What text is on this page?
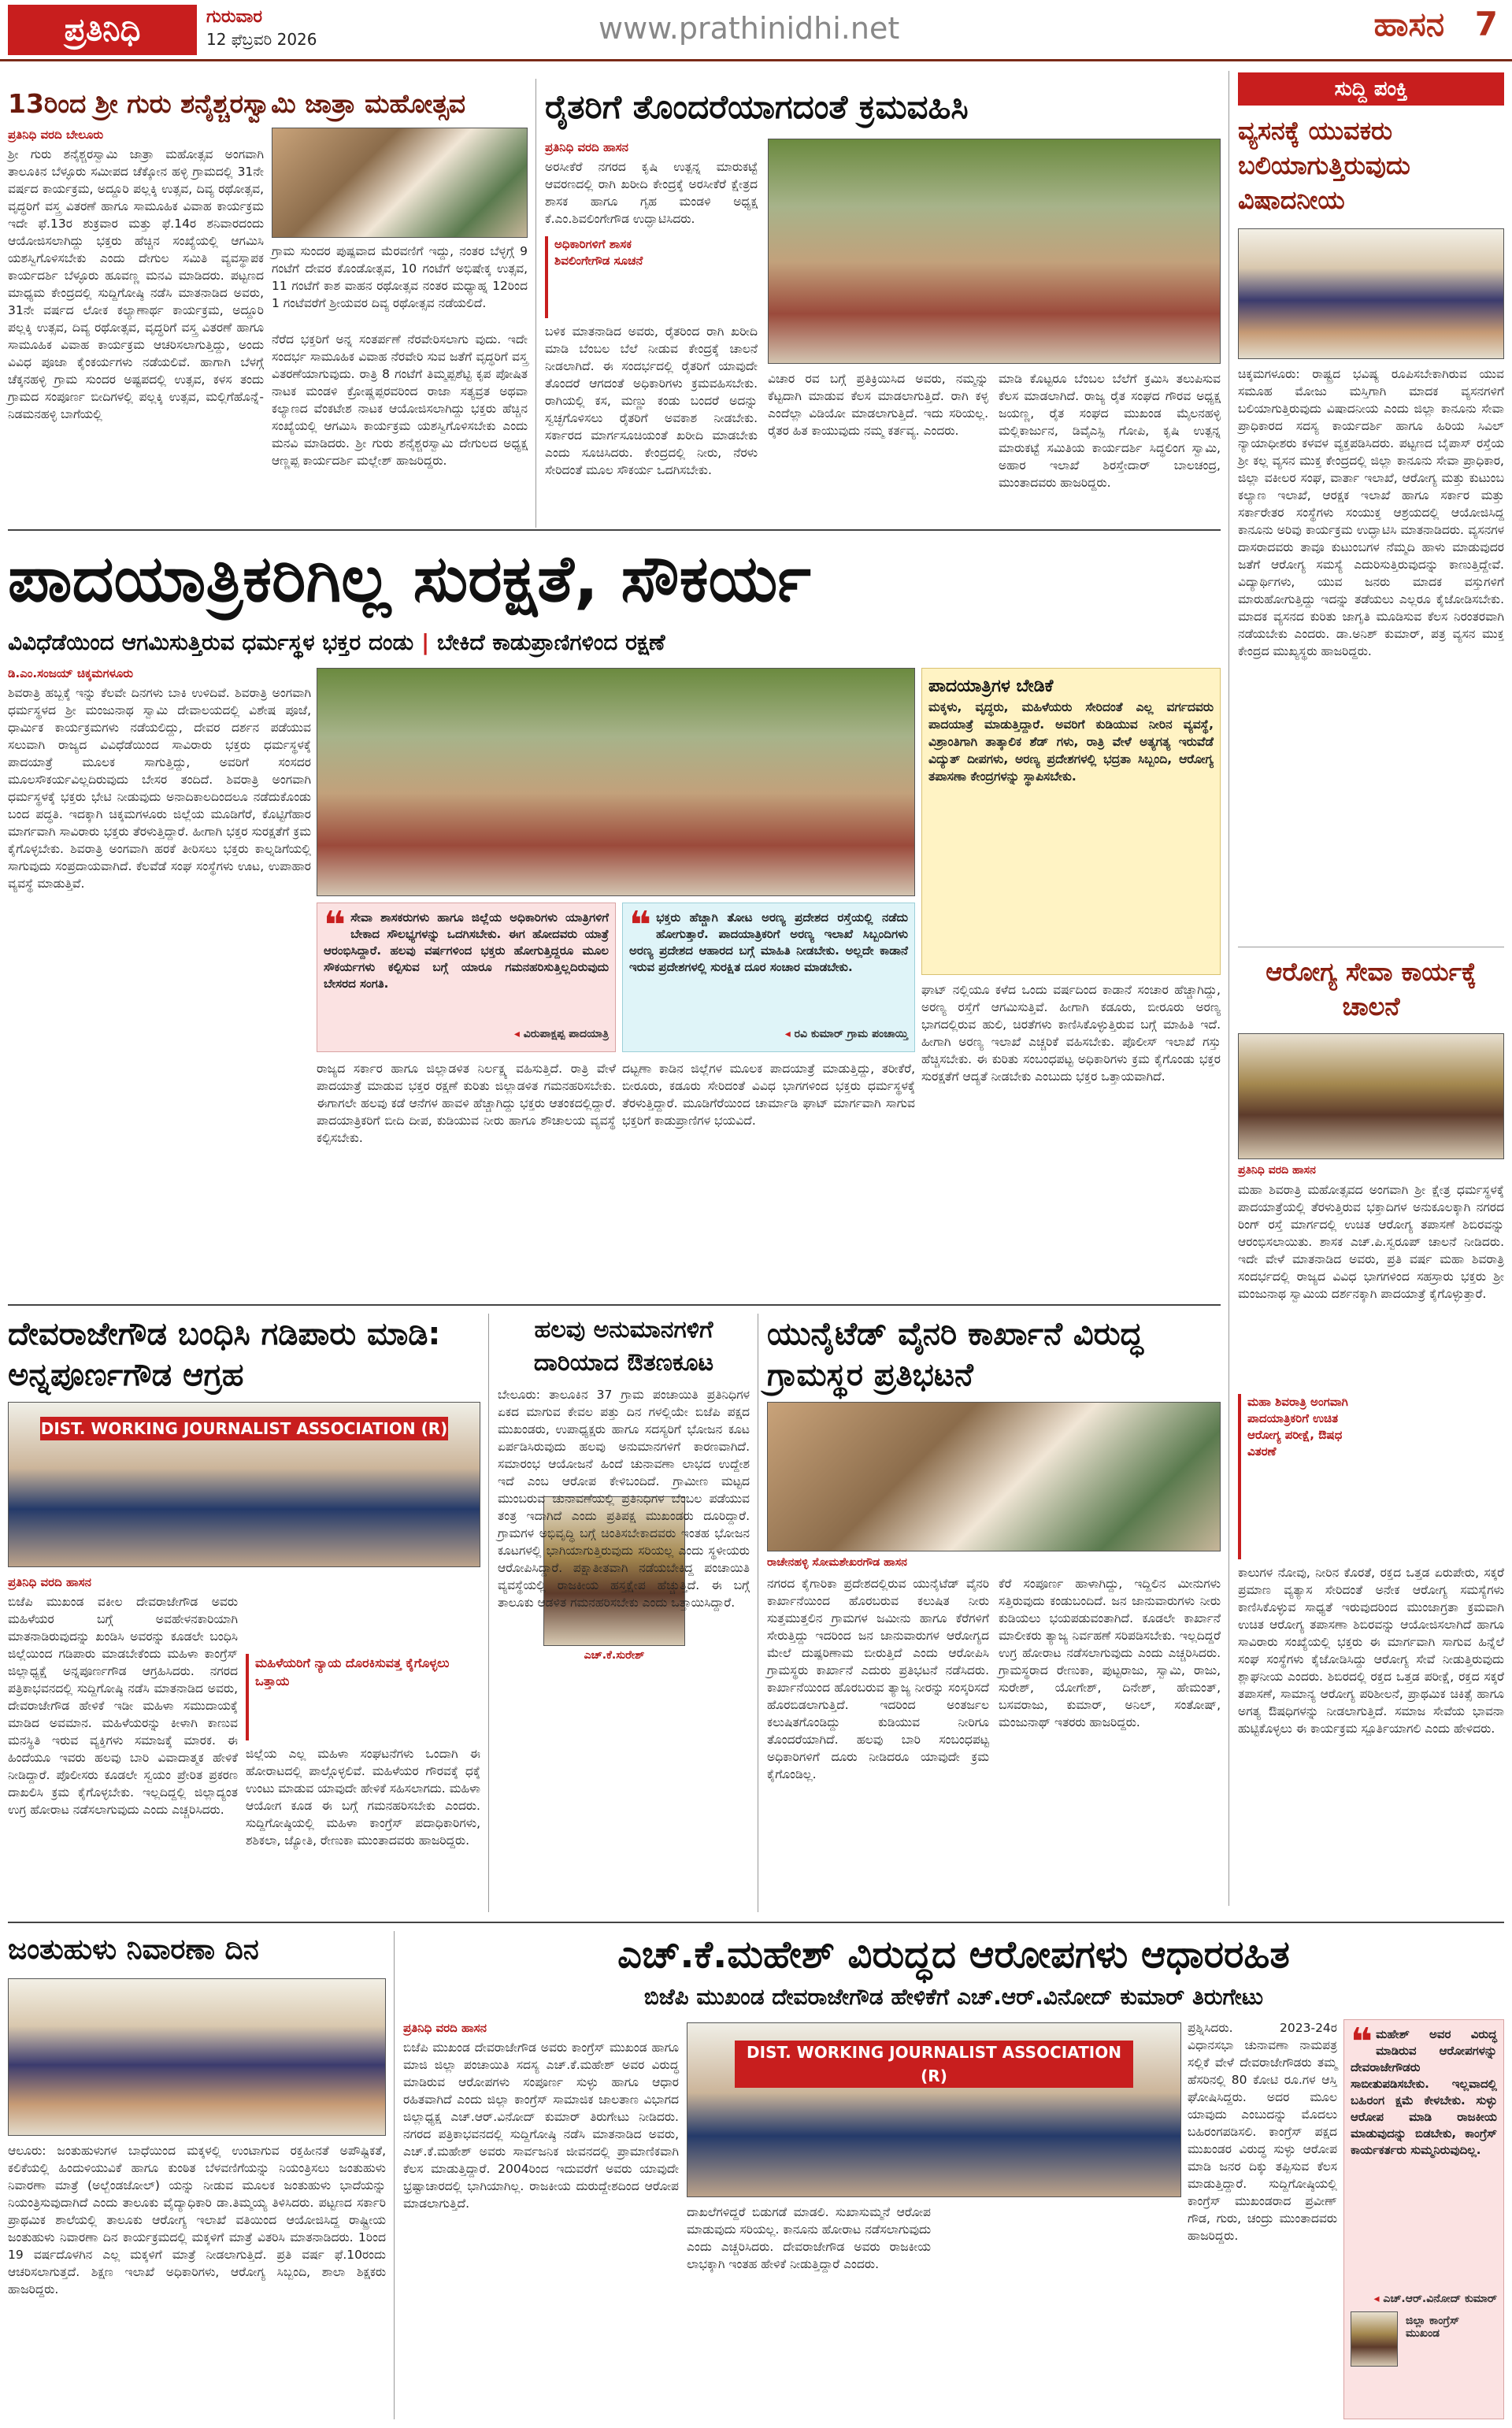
ಪ್ರತಿನಿಧಿ	ಗುರುವಾರ
12 ಫೆಬ್ರವರಿ 2026	www.prathinidhi.net	ಹಾಸನ 7
13ರಿಂದ ಶ್ರೀ ಗುರು ಶನೈಶ್ಚರಸ್ವಾಮಿ ಜಾತ್ರಾ ಮಹೋತ್ಸವ
ಪ್ರತಿನಿಧಿ ವರದಿ ಬೇಲೂರು
ಶ್ರೀ ಗುರು ಶನೈಶ್ಚರಸ್ವಾಮಿ ಜಾತ್ರಾ ಮಹೋತ್ಸವ ಅಂಗವಾಗಿ ತಾಲೂಕಿನ ಬೆಳ್ಳೂರು ಸಮೀಪದ ಚೆಕ್ಕೋನ ಹಳ್ಳಿ ಗ್ರಾಮದಲ್ಲಿ 31ನೇ ವರ್ಷದ ಕಾರ್ಯಕ್ರಮ, ಅದ್ದೂರಿ ಪಲ್ಲಕ್ಕಿ ಉತ್ಸವ, ದಿವ್ಯ ರಥೋತ್ಸವ, ವೃದ್ಧರಿಗೆ ವಸ್ತ್ರ ವಿತರಣೆ ಹಾಗೂ ಸಾಮೂಹಿಕ ವಿವಾಹ ಕಾರ್ಯಕ್ರಮ ಇದೇ ಫೆ.13ರ ಶುಕ್ರವಾರ ಮತ್ತು ಫೆ.14ರ ಶನಿವಾರದಂದು ಆಯೋಜಿಸಲಾಗಿದ್ದು ಭಕ್ತರು ಹೆಚ್ಚಿನ ಸಂಖ್ಯೆಯಲ್ಲಿ ಆಗಮಿಸಿ ಯಶಸ್ವಿಗೊಳಿಸಬೇಕು ಎಂದು ದೇಗುಲ ಸಮಿತಿ ವ್ಯವಸ್ಥಾಪಕ ಕಾರ್ಯದರ್ಶಿ ಬೆಳ್ಳೂರು ಹೂವಣ್ಣ ಮನವಿ ಮಾಡಿದರು. ಪಟ್ಟಣದ ಮಾಧ್ಯಮ ಕೇಂದ್ರದಲ್ಲಿ ಸುದ್ದಿಗೋಷ್ಠಿ ನಡೆಸಿ ಮಾತನಾಡಿದ ಅವರು, 31ನೇ ವರ್ಷದ ಲೋಕ ಕಲ್ಯಾಣಾರ್ಥ ಕಾರ್ಯಕ್ರಮ, ಅದ್ದೂರಿ ಪಲ್ಲಕ್ಕಿ ಉತ್ಸವ, ದಿವ್ಯ ರಥೋತ್ಸವ, ವೃದ್ಧರಿಗೆ ವಸ್ತ್ರ ವಿತರಣೆ ಹಾಗೂ ಸಾಮೂಹಿಕ ವಿವಾಹ ಕಾರ್ಯಕ್ರಮ ಆಚರಿಸಲಾಗುತ್ತಿದ್ದು, ಅಂದು ವಿವಿಧ ಪೂಜಾ ಕೈಂಕರ್ಯಗಳು ನಡೆಯಲಿವೆ. ಹಾಗಾಗಿ ಬೆಳಗ್ಗೆ ಚೆಕ್ಕನಹಳ್ಳಿ ಗ್ರಾಮ ಸುಂದರ ಅಷ್ಟಪದಲ್ಲಿ ಉತ್ಸವ, ಕಳಸ ತಂದು ಗ್ರಾಮದ ಸಂಪೂರ್ಣ ಬೀದಿಗಳಲ್ಲಿ ಪಲ್ಲಕ್ಕಿ ಉತ್ಸವ, ಮಲ್ಲಿಗೆಹೊನ್ನೆ-ನಿಡಮನಹಳ್ಳಿ ಬಾಗೆಯಲ್ಲಿ
ಗ್ರಾಮ ಸುಂದರ ಪುಷ್ಪವಾದ ಮೆರವಣಿಗೆ ಇದ್ದು, ನಂತರ ಬೆಳ್ಳಗ್ಗೆ 9 ಗಂಟೆಗೆ ದೇವರ ಕೊಂಡೋತ್ಸವ, 10 ಗಂಟೆಗೆ ಅಭಿಷೇಕ್ಕ ಉತ್ಸವ, 11 ಗಂಟೆಗೆ ಕಾಶ ವಾಹನ ರಥೋತ್ಸವ ನಂತರ ಮಧ್ಯಾಹ್ನ 12ರಿಂದ 1 ಗಂಟೆವರೆಗೆ ಶ್ರೀಯವರ ದಿವ್ಯ ರಥೋತ್ಸವ ನಡೆಯಲಿದೆ.
ನೆರೆದ ಭಕ್ತರಿಗೆ ಅನ್ನ ಸಂತರ್ಪಣೆ ನೆರವೇರಿಸಲಾಗು ವುದು. ಇದೇ ಸಂದರ್ಭ ಸಾಮೂಹಿಕ ವಿವಾಹ ನೆರವೇರಿ ಸುವ ಜತೆಗೆ ವೃದ್ಧರಿಗೆ ವಸ್ತ್ರ ವಿತರಣೆಯಾಗುವುದು. ರಾತ್ರಿ 8 ಗಂಟೆಗೆ ತಿಮ್ಮಪ್ಪಶೆಟ್ಟಿ ಕೃಪ ಪೋಷಿತ ನಾಟಕ ಮಂಡಳಿ ಕ್ರೋಷ್ಣಪ್ಪರವರಿಂದ ರಾಜಾ ಸತ್ಯವ್ರತ ಅಥವಾ ಕಲ್ಯಾಣದ ವೆಂಕಟೇಶ ನಾಟಕ ಆಯೋಜಿಸಲಾಗಿದ್ದು ಭಕ್ತರು ಹೆಚ್ಚಿನ ಸಂಖ್ಯೆಯಲ್ಲಿ ಆಗಮಿಸಿ ಕಾರ್ಯಕ್ರಮ ಯಶಸ್ವಿಗೊಳಿಸಬೇಕು ಎಂದು ಮನವಿ ಮಾಡಿದರು. ಶ್ರೀ ಗುರು ಶನೈಶ್ಚರಸ್ವಾಮಿ ದೇಗುಲದ ಅಧ್ಯಕ್ಷ ಆಣ್ಣಪ್ಪ ಕಾರ್ಯದರ್ಶಿ ಮಲ್ಲೇಶ್ ಹಾಜರಿದ್ದರು.
ರೈತರಿಗೆ ತೊಂದರೆಯಾಗದಂತೆ ಕ್ರಮವಹಿಸಿ
ಪ್ರತಿನಿಧಿ ವರದಿ ಹಾಸನ
ಅರಸೀಕೆರೆ ನಗರದ ಕೃಷಿ ಉತ್ಪನ್ನ ಮಾರುಕಟ್ಟೆ ಆವರಣದಲ್ಲಿ ರಾಗಿ ಖರೀದಿ ಕೇಂದ್ರಕ್ಕೆ ಅರಸೀಕೆರೆ ಕ್ಷೇತ್ರದ ಶಾಸಕ ಹಾಗೂ ಗೃಹ ಮಂಡಳಿ ಅಧ್ಯಕ್ಷ ಕೆ.ಎಂ.ಶಿವಲಿಂಗೇಗೌಡ ಉದ್ಘಾಟಿಸಿದರು.
ಅಧಿಕಾರಿಗಳಿಗೆ ಶಾಸಕ ಶಿವಲಿಂಗೇಗೌಡ ಸೂಚನೆ
ಬಳಿಕ ಮಾತನಾಡಿದ ಅವರು, ರೈತರಿಂದ ರಾಗಿ ಖರೀದಿ ಮಾಡಿ ಬೆಂಬಲ ಬೆಲೆ ನೀಡುವ ಕೇಂದ್ರಕ್ಕೆ ಚಾಲನೆ ನೀಡಲಾಗಿದೆ. ಈ ಸಂದರ್ಭದಲ್ಲಿ ರೈತರಿಗೆ ಯಾವುದೇ ತೊಂದರೆ ಆಗದಂತೆ ಅಧಿಕಾರಿಗಳು ಕ್ರಮವಹಿಸಬೇಕು. ರಾಗಿಯಲ್ಲಿ ಕಸ, ಮಣ್ಣು ಕಂಡು ಬಂದರೆ ಅದನ್ನು ಸ್ವಚ್ಛಗೊಳಿಸಲು ರೈತರಿಗೆ ಅವಕಾಶ ನೀಡಬೇಕು. ಸರ್ಕಾರದ ಮಾರ್ಗಸೂಚಿಯಂತೆ ಖರೀದಿ ಮಾಡಬೇಕು ಎಂದು ಸೂಚಿಸಿದರು. ಕೇಂದ್ರದಲ್ಲಿ ನೀರು, ನೆರಳು ಸೇರಿದಂತೆ ಮೂಲ ಸೌಕರ್ಯ ಒದಗಿಸಬೇಕು.
ವಿಚಾರ ರವ ಬಗ್ಗೆ ಪ್ರತಿಕ್ರಿಯಿಸಿದ ಅವರು, ನಮ್ಮನ್ನು ಕೆಟ್ಟದಾಗಿ ಮಾಡುವ ಕೆಲಸ ಮಾಡಲಾಗುತ್ತಿದೆ. ರಾಗಿ ಕಳ್ಳ ಎಂದೆಲ್ಲಾ ವಿಡಿಯೋ ಮಾಡಲಾಗುತ್ತಿದೆ. ಇದು ಸರಿಯಲ್ಲ. ರೈತರ ಹಿತ ಕಾಯುವುದು ನಮ್ಮ ಕರ್ತವ್ಯ. ಎಂದರು.
ಮಾಡಿ ಕೊಟ್ಟರೂ ಬೆಂಬಲ ಬೆಲೆಗೆ ಕ್ರಮಿಸಿ ತಲುಪಿಸುವ ಕೆಲಸ ಮಾಡಲಾಗಿದೆ. ರಾಜ್ಯ ರೈತ ಸಂಘದ ಗೌರವ ಅಧ್ಯಕ್ಷ ಜಯಣ್ಣ, ರೈತ ಸಂಘದ ಮುಖಂಡ ಮೈಲನಹಳ್ಳಿ ಮಲ್ಲಿಕಾರ್ಜುನ, ಡಿವೈಎಸ್ಪಿ ಗೋಪಿ, ಕೃಷಿ ಉತ್ಪನ್ನ ಮಾರುಕಟ್ಟೆ ಸಮಿತಿಯ ಕಾರ್ಯದರ್ಶಿ ಸಿದ್ಧಲಿಂಗ ಸ್ವಾಮಿ, ಅಹಾರ ಇಲಾಖೆ ಶಿರಸ್ತೇದಾರ್ ಬಾಲಚಂದ್ರ, ಮುಂತಾದವರು ಹಾಜರಿದ್ದರು.
ಸುದ್ದಿ ಪಂಕ್ತಿ
ವ್ಯಸನಕ್ಕೆ ಯುವಕರು ಬಲಿಯಾಗುತ್ತಿರುವುದು ವಿಷಾದನೀಯ
ಚಿಕ್ಕಮಗಳೂರು: ರಾಷ್ಟ್ರದ ಭವಿಷ್ಯ ರೂಪಿಸಬೇಕಾಗಿರುವ ಯುವ ಸಮೂಹ ಮೋಜು ಮಸ್ತಿಗಾಗಿ ಮಾದಕ ವ್ಯಸನಗಳಿಗೆ ಬಲಿಯಾಗುತ್ತಿರುವುದು ವಿಷಾದನೀಯ ಎಂದು ಜಿಲ್ಲಾ ಕಾನೂನು ಸೇವಾ ಪ್ರಾಧಿಕಾರದ ಸದಸ್ಯ ಕಾರ್ಯದರ್ಶಿ ಹಾಗೂ ಹಿರಿಯ ಸಿವಿಲ್ ನ್ಯಾಯಾಧೀಶರು ಕಳವಳ ವ್ಯಕ್ತಪಡಿಸಿದರು. ಪಟ್ಟಣದ ಬೈಪಾಸ್ ರಸ್ತೆಯ ಶ್ರೀ ಕಲ್ಲ ವ್ಯಸನ ಮುಕ್ತ ಕೇಂದ್ರದಲ್ಲಿ ಜಿಲ್ಲಾ ಕಾನೂನು ಸೇವಾ ಪ್ರಾಧಿಕಾರ, ಜಿಲ್ಲಾ ವಕೀಲರ ಸಂಘ, ವಾರ್ತಾ ಇಲಾಖೆ, ಆರೋಗ್ಯ ಮತ್ತು ಕುಟುಂಬ ಕಲ್ಯಾಣ ಇಲಾಖೆ, ಆರಕ್ಷಕ ಇಲಾಖೆ ಹಾಗೂ ಸರ್ಕಾರ ಮತ್ತು ಸರ್ಕಾರೇತರ ಸಂಸ್ಥೆಗಳು ಸಂಯುಕ್ತ ಆಶ್ರಯದಲ್ಲಿ ಆಯೋಜಿಸಿದ್ದ ಕಾನೂನು ಅರಿವು ಕಾರ್ಯಕ್ರಮ ಉದ್ಘಾಟಿಸಿ ಮಾತನಾಡಿದರು. ವ್ಯಸನಗಳ ದಾಸರಾದವರು ತಾವೂ ಕುಟುಂಬಗಳ ನೆಮ್ಮದಿ ಹಾಳು ಮಾಡುವುದರ ಜತೆಗೆ ಆರೋಗ್ಯ ಸಮಸ್ಯೆ ಎದುರಿಸುತ್ತಿರುವುದನ್ನು ಕಾಣುತ್ತಿದ್ದೇವೆ. ವಿದ್ಯಾರ್ಥಿಗಳು, ಯುವ ಜನರು ಮಾದಕ ವಸ್ತುಗಳಿಗೆ ಮಾರುಹೋಗುತ್ತಿದ್ದು ಇದನ್ನು ತಡೆಯಲು ಎಲ್ಲರೂ ಕೈಜೋಡಿಸಬೇಕು. ಮಾದಕ ವ್ಯಸನದ ಕುರಿತು ಜಾಗೃತಿ ಮೂಡಿಸುವ ಕೆಲಸ ನಿರಂತರವಾಗಿ ನಡೆಯಬೇಕು ಎಂದರು. ಡಾ.ಅನಿಶ್ ಕುಮಾರ್, ಪತ್ರ ವ್ಯಸನ ಮುಕ್ತ ಕೇಂದ್ರದ ಮುಖ್ಯಸ್ಥರು ಹಾಜರಿದ್ದರು.
ಆರೋಗ್ಯ ಸೇವಾ ಕಾರ್ಯಕ್ಕೆ ಚಾಲನೆ
ಪ್ರತಿನಿಧಿ ವರದಿ ಹಾಸನ
ಮಹಾ ಶಿವರಾತ್ರಿ ಮಹೋತ್ಸವದ ಅಂಗವಾಗಿ ಶ್ರೀ ಕ್ಷೇತ್ರ ಧರ್ಮಸ್ಥಳಕ್ಕೆ ಪಾದಯಾತ್ರೆಯಲ್ಲಿ ತೆರಳುತ್ತಿರುವ ಭಕ್ತಾದಿಗಳ ಅನುಕೂಲಕ್ಕಾಗಿ ನಗರದ ರಿಂಗ್ ರಸ್ತೆ ಮಾರ್ಗದಲ್ಲಿ ಉಚಿತ ಆರೋಗ್ಯ ತಪಾಸಣೆ ಶಿಬಿರವನ್ನು ಆರಂಭಿಸಲಾಯಿತು. ಶಾಸಕ ಎಚ್.ಪಿ.ಸ್ವರೂಪ್ ಚಾಲನೆ ನೀಡಿದರು. ಇದೇ ವೇಳೆ ಮಾತನಾಡಿದ ಅವರು, ಪ್ರತಿ ವರ್ಷ ಮಹಾ ಶಿವರಾತ್ರಿ ಸಂದರ್ಭದಲ್ಲಿ ರಾಜ್ಯದ ವಿವಿಧ ಭಾಗಗಳಿಂದ ಸಹಸ್ರಾರು ಭಕ್ತರು ಶ್ರೀ ಮಂಜುನಾಥ ಸ್ವಾಮಿಯ ದರ್ಶನಕ್ಕಾಗಿ ಪಾದಯಾತ್ರೆ ಕೈಗೊಳ್ಳುತ್ತಾರೆ.
ಮಹಾ ಶಿವರಾತ್ರಿ ಅಂಗವಾಗಿ ಪಾದಯಾತ್ರಿಕರಿಗೆ ಉಚಿತ ಆರೋಗ್ಯ ಪರೀಕ್ಷೆ, ಔಷಧ ವಿತರಣೆ
ಕಾಲುಗಳ ನೋವು, ನೀರಿನ ಕೊರತೆ, ರಕ್ತದ ಒತ್ತಡ ಏರುಪೇರು, ಸಕ್ಕರೆ ಪ್ರಮಾಣ ವ್ಯತ್ಯಾಸ ಸೇರಿದಂತೆ ಅನೇಕ ಆರೋಗ್ಯ ಸಮಸ್ಯೆಗಳು ಕಾಣಿಸಿಕೊಳ್ಳುವ ಸಾಧ್ಯತೆ ಇರುವುದರಿಂದ ಮುಂಜಾಗ್ರತಾ ಕ್ರಮವಾಗಿ ಉಚಿತ ಆರೋಗ್ಯ ತಪಾಸಣಾ ಶಿಬಿರವನ್ನು ಆಯೋಜಿಸಲಾಗಿದೆ ಹಾಗೂ ಸಾವಿರಾರು ಸಂಖ್ಯೆಯಲ್ಲಿ ಭಕ್ತರು ಈ ಮಾರ್ಗವಾಗಿ ಸಾಗುವ ಹಿನ್ನೆಲೆ ಸಂಘ ಸಂಸ್ಥೆಗಳು ಕೈಜೋಡಿಸಿದ್ದು ಆರೋಗ್ಯ ಸೇವೆ ನೀಡುತ್ತಿರುವುದು ಶ್ಲಾಘನೀಯ ಎಂದರು. ಶಿಬಿರದಲ್ಲಿ ರಕ್ತದ ಒತ್ತಡ ಪರೀಕ್ಷೆ, ರಕ್ತದ ಸಕ್ಕರೆ ತಪಾಸಣೆ, ಸಾಮಾನ್ಯ ಆರೋಗ್ಯ ಪರಿಶೀಲನೆ, ಪ್ರಾಥಮಿಕ ಚಿಕಿತ್ಸೆ ಹಾಗೂ ಅಗತ್ಯ ಔಷಧಿಗಳನ್ನು ನೀಡಲಾಗುತ್ತಿದೆ. ಸಮಾಜ ಸೇವೆಯ ಭಾವನಾ ಹುಟ್ಟಿಕೊಳ್ಳಲು ಈ ಕಾರ್ಯಕ್ರಮ ಸ್ಪೂರ್ತಿಯಾಗಲಿ ಎಂದು ಹೇಳಿದರು.
ಪಾದಯಾತ್ರಿಕರಿಗಿಲ್ಲ ಸುರಕ್ಷತೆ, ಸೌಕರ್ಯ
ವಿವಿಧೆಡೆಯಿಂದ ಆಗಮಿಸುತ್ತಿರುವ ಧರ್ಮಸ್ಥಳ ಭಕ್ತರ ದಂಡು | ಬೇಕಿದೆ ಕಾಡುಪ್ರಾಣಿಗಳಿಂದ ರಕ್ಷಣೆ
ಡಿ.ಎಂ.ಸಂಜಯ್ ಚಿಕ್ಕಮಗಳೂರು
ಶಿವರಾತ್ರಿ ಹಬ್ಬಕ್ಕೆ ಇನ್ನು ಕೆಲವೇ ದಿನಗಳು ಬಾಕಿ ಉಳಿದಿವೆ. ಶಿವರಾತ್ರಿ ಅಂಗವಾಗಿ ಧರ್ಮಸ್ಥಳದ ಶ್ರೀ ಮಂಜುನಾಥ ಸ್ವಾಮಿ ದೇವಾಲಯದಲ್ಲಿ ವಿಶೇಷ ಪೂಜೆ, ಧಾರ್ಮಿಕ ಕಾರ್ಯಕ್ರಮಗಳು ನಡೆಯಲಿದ್ದು, ದೇವರ ದರ್ಶನ ಪಡೆಯುವ ಸಲುವಾಗಿ ರಾಜ್ಯದ ವಿವಿಧೆಡೆಯಿಂದ ಸಾವಿರಾರು ಭಕ್ತರು ಧರ್ಮಸ್ಥಳಕ್ಕೆ ಪಾದಯಾತ್ರೆ ಮೂಲಕ ಸಾಗುತ್ತಿದ್ದು, ಅವರಿಗೆ ಸಂಸದರ ಮೂಲಸೌಕರ್ಯವಿಲ್ಲದಿರುವುದು ಬೇಸರ ತಂದಿದೆ. ಶಿವರಾತ್ರಿ ಅಂಗವಾಗಿ ಧರ್ಮಸ್ಥಳಕ್ಕೆ ಭಕ್ತರು ಭೇಟಿ ನೀಡುವುದು ಅನಾದಿಕಾಲದಿಂದಲೂ ನಡೆದುಕೊಂಡು ಬಂದ ಪದ್ಧತಿ. ಇದಕ್ಕಾಗಿ ಚಿಕ್ಕಮಗಳೂರು ಜಿಲ್ಲೆಯ ಮೂಡಿಗೆರೆ, ಕೊಟ್ಟಿಗೆಹಾರ ಮಾರ್ಗವಾಗಿ ಸಾವಿರಾರು ಭಕ್ತರು ತೆರಳುತ್ತಿದ್ದಾರೆ. ಹೀಗಾಗಿ ಭಕ್ತರ ಸುರಕ್ಷತೆಗೆ ಕ್ರಮ ಕೈಗೊಳ್ಳಬೇಕು. ಶಿವರಾತ್ರಿ ಅಂಗವಾಗಿ ಹರಕೆ ತೀರಿಸಲು ಭಕ್ತರು ಕಾಲ್ನಡಿಗೆಯಲ್ಲಿ ಸಾಗುವುದು ಸಂಪ್ರದಾಯವಾಗಿದೆ. ಕೆಲವೆಡೆ ಸಂಘ ಸಂಸ್ಥೆಗಳು ಊಟ, ಉಪಾಹಾರ ವ್ಯವಸ್ಥೆ ಮಾಡುತ್ತಿವೆ.
ಪಾದಯಾತ್ರಿಗಳ ಬೇಡಿಕೆ
ಮಕ್ಕಳು, ವೃದ್ಧರು, ಮಹಿಳೆಯರು ಸೇರಿದಂತೆ ಎಲ್ಲ ವರ್ಗದವರು ಪಾದಯಾತ್ರೆ ಮಾಡುತ್ತಿದ್ದಾರೆ. ಅವರಿಗೆ ಕುಡಿಯುವ ನೀರಿನ ವ್ಯವಸ್ಥೆ, ವಿಶ್ರಾಂತಿಗಾಗಿ ತಾತ್ಕಾಲಿಕ ಶೆಡ್ ಗಳು, ರಾತ್ರಿ ವೇಳೆ ಅತ್ಯಗತ್ಯ ಇರುವೆಡೆ ವಿದ್ಯುತ್ ದೀಪಗಳು, ಅರಣ್ಯ ಪ್ರದೇಶಗಳಲ್ಲಿ ಭದ್ರತಾ ಸಿಬ್ಬಂದಿ, ಆರೋಗ್ಯ ತಪಾಸಣಾ ಕೇಂದ್ರಗಳನ್ನು ಸ್ಥಾಪಿಸಬೇಕು.
❝ ಸೇವಾ ಶಾಸಕರುಗಳು ಹಾಗೂ ಜಿಲ್ಲೆಯ ಅಧಿಕಾರಿಗಳು ಯಾತ್ರಿಗಳಿಗೆ ಬೇಕಾದ ಸೌಲಭ್ಯಗಳನ್ನು ಒದಗಿಸಬೇಕು. ಈಗ ಹೋದವರು ಯಾತ್ರೆ ಆರಂಭಿಸಿದ್ದಾರೆ. ಹಲವು ವರ್ಷಗಳಿಂದ ಭಕ್ತರು ಹೋಗುತ್ತಿದ್ದರೂ ಮೂಲ ಸೌಕರ್ಯಗಳು ಕಲ್ಪಿಸುವ ಬಗ್ಗೆ ಯಾರೂ ಗಮನಹರಿಸುತ್ತಿಲ್ಲದಿರುವುದು ಬೇಸರದ ಸಂಗತಿ.
◂ ವಿರುಪಾಕ್ಷಪ್ಪ ಪಾದಯಾತ್ರಿ
❝ ಭಕ್ತರು ಹೆಚ್ಚಾಗಿ ತೋಟ ಅರಣ್ಯ ಪ್ರದೇಶದ ರಸ್ತೆಯಲ್ಲಿ ನಡೆದು ಹೋಗುತ್ತಾರೆ. ಪಾದಯಾತ್ರಿಕರಿಗೆ ಅರಣ್ಯ ಇಲಾಖೆ ಸಿಬ್ಬಂದಿಗಳು ಅರಣ್ಯ ಪ್ರದೇಶದ ಆಹಾರದ ಬಗ್ಗೆ ಮಾಹಿತಿ ನೀಡಬೇಕು. ಅಲ್ಲದೇ ಕಾಡಾನೆ ಇರುವ ಪ್ರದೇಶಗಳಲ್ಲಿ ಸುರಕ್ಷಿತ ದೂರ ಸಂಚಾರ ಮಾಡಬೇಕು.
◂ ರವಿ ಕುಮಾರ್ ಗ್ರಾಮ ಪಂಚಾಯ್ತಿ
ರಾಜ್ಯದ ಸರ್ಕಾರ ಹಾಗೂ ಜಿಲ್ಲಾಡಳಿತ ನಿರ್ಲಕ್ಷ್ಯ ವಹಿಸುತ್ತಿದೆ. ರಾತ್ರಿ ವೇಳೆ ಪಾದಯಾತ್ರೆ ಮಾಡುವ ಭಕ್ತರ ರಕ್ಷಣೆ ಕುರಿತು ಜಿಲ್ಲಾಡಳಿತ ಗಮನಹರಿಸಬೇಕು. ಈಗಾಗಲೇ ಹಲವು ಕಡೆ ಆನೆಗಳ ಹಾವಳಿ ಹೆಚ್ಚಾಗಿದ್ದು ಭಕ್ತರು ಆತಂಕದಲ್ಲಿದ್ದಾರೆ. ಪಾದಯಾತ್ರಿಕರಿಗೆ ಬೀದಿ ದೀಪ, ಕುಡಿಯುವ ನೀರು ಹಾಗೂ ಶೌಚಾಲಯ ವ್ಯವಸ್ಥೆ ಕಲ್ಪಿಸಬೇಕು.
ದಟ್ಟಣಾ ಕಾಡಿನ ಜಿಲ್ಲೆಗಳ ಮೂಲಕ ಪಾದಯಾತ್ರೆ ಮಾಡುತ್ತಿದ್ದು, ತರೀಕೆರೆ, ಬೀರೂರು, ಕಡೂರು ಸೇರಿದಂತೆ ವಿವಿಧ ಭಾಗಗಳಿಂದ ಭಕ್ತರು ಧರ್ಮಸ್ಥಳಕ್ಕೆ ತೆರಳುತ್ತಿದ್ದಾರೆ. ಮೂಡಿಗೆರೆಯಿಂದ ಚಾರ್ಮಾಡಿ ಘಾಟ್ ಮಾರ್ಗವಾಗಿ ಸಾಗುವ ಭಕ್ತರಿಗೆ ಕಾಡುಪ್ರಾಣಿಗಳ ಭಯವಿದೆ.
ಘಾಟ್ ನಲ್ಲಿಯೂ ಕಳೆದ ಒಂದು ವರ್ಷದಿಂದ ಕಾಡಾನೆ ಸಂಚಾರ ಹೆಚ್ಚಾಗಿದ್ದು, ಅರಣ್ಯ ರಸ್ತೆಗೆ ಆಗಮಿಸುತ್ತಿವೆ. ಹೀಗಾಗಿ ಕಡೂರು, ಬೀರೂರು ಅರಣ್ಯ ಭಾಗದಲ್ಲಿರುವ ಹುಲಿ, ಚಿರತೆಗಳು ಕಾಣಿಸಿಕೊಳ್ಳುತ್ತಿರುವ ಬಗ್ಗೆ ಮಾಹಿತಿ ಇದೆ. ಹೀಗಾಗಿ ಅರಣ್ಯ ಇಲಾಖೆ ಎಚ್ಚರಿಕೆ ವಹಿಸಬೇಕು. ಪೊಲೀಸ್ ಇಲಾಖೆ ಗಸ್ತು ಹೆಚ್ಚಿಸಬೇಕು. ಈ ಕುರಿತು ಸಂಬಂಧಪಟ್ಟ ಅಧಿಕಾರಿಗಳು ಕ್ರಮ ಕೈಗೊಂಡು ಭಕ್ತರ ಸುರಕ್ಷತೆಗೆ ಆದ್ಯತೆ ನೀಡಬೇಕು ಎಂಬುದು ಭಕ್ತರ ಒತ್ತಾಯವಾಗಿದೆ.
ದೇವರಾಜೇಗೌಡ ಬಂಧಿಸಿ ಗಡಿಪಾರು ಮಾಡಿ: ಅನ್ನಪೂರ್ಣಗೌಡ ಆಗ್ರಹ
DIST. WORKING JOURNALIST ASSOCIATION (R)
ಪ್ರತಿನಿಧಿ ವರದಿ ಹಾಸನ
ಬಿಜೆಪಿ ಮುಖಂಡ ವಕೀಲ ದೇವರಾಜೇಗೌಡ ಅವರು ಮಹಿಳೆಯರ ಬಗ್ಗೆ ಅವಹೇಳನಕಾರಿಯಾಗಿ ಮಾತನಾಡಿರುವುದನ್ನು ಖಂಡಿಸಿ ಅವರನ್ನು ಕೂಡಲೇ ಬಂಧಿಸಿ ಜಿಲ್ಲೆಯಿಂದ ಗಡಿಪಾರು ಮಾಡಬೇಕೆಂದು ಮಹಿಳಾ ಕಾಂಗ್ರೆಸ್ ಜಿಲ್ಲಾಧ್ಯಕ್ಷೆ ಅನ್ನಪೂರ್ಣಗೌಡ ಆಗ್ರಹಿಸಿದರು. ನಗರದ ಪತ್ರಿಕಾಭವನದಲ್ಲಿ ಸುದ್ದಿಗೋಷ್ಠಿ ನಡೆಸಿ ಮಾತನಾಡಿದ ಅವರು, ದೇವರಾಜೇಗೌಡ ಹೇಳಿಕೆ ಇಡೀ ಮಹಿಳಾ ಸಮುದಾಯಕ್ಕೆ ಮಾಡಿದ ಅವಮಾನ. ಮಹಿಳೆಯರನ್ನು ಕೀಳಾಗಿ ಕಾಣುವ ಮನಸ್ಥಿತಿ ಇರುವ ವ್ಯಕ್ತಿಗಳು ಸಮಾಜಕ್ಕೆ ಮಾರಕ. ಈ ಹಿಂದೆಯೂ ಇವರು ಹಲವು ಬಾರಿ ವಿವಾದಾತ್ಮಕ ಹೇಳಿಕೆ ನೀಡಿದ್ದಾರೆ. ಪೊಲೀಸರು ಕೂಡಲೇ ಸ್ವಯಂ ಪ್ರೇರಿತ ಪ್ರಕರಣ ದಾಖಲಿಸಿ ಕ್ರಮ ಕೈಗೊಳ್ಳಬೇಕು. ಇಲ್ಲದಿದ್ದಲ್ಲಿ ಜಿಲ್ಲಾದ್ಯಂತ ಉಗ್ರ ಹೋರಾಟ ನಡೆಸಲಾಗುವುದು ಎಂದು ಎಚ್ಚರಿಸಿದರು.
ಮಹಿಳೆಯರಿಗೆ ನ್ಯಾಯ ದೊರಕಿಸುವತ್ತ ಕೈಗೊಳ್ಳಲು ಒತ್ತಾಯ
ಜಿಲ್ಲೆಯ ಎಲ್ಲ ಮಹಿಳಾ ಸಂಘಟನೆಗಳು ಒಂದಾಗಿ ಈ ಹೋರಾಟದಲ್ಲಿ ಪಾಲ್ಗೊಳ್ಳಲಿವೆ. ಮಹಿಳೆಯರ ಗೌರವಕ್ಕೆ ಧಕ್ಕೆ ಉಂಟು ಮಾಡುವ ಯಾವುದೇ ಹೇಳಿಕೆ ಸಹಿಸಲಾಗದು. ಮಹಿಳಾ ಆಯೋಗ ಕೂಡ ಈ ಬಗ್ಗೆ ಗಮನಹರಿಸಬೇಕು ಎಂದರು. ಸುದ್ದಿಗೋಷ್ಠಿಯಲ್ಲಿ ಮಹಿಳಾ ಕಾಂಗ್ರೆಸ್ ಪದಾಧಿಕಾರಿಗಳು, ಶಶಿಕಲಾ, ಜ್ಯೋತಿ, ರೇಣುಕಾ ಮುಂತಾದವರು ಹಾಜರಿದ್ದರು.
ಹಲವು ಅನುಮಾನಗಳಿಗೆ ದಾರಿಯಾದ ಔತಣಕೂಟ
ಎಚ್.ಕೆ.ಸುರೇಶ್
ಬೇಲೂರು: ತಾಲೂಕಿನ 37 ಗ್ರಾಮ ಪಂಚಾಯಿತಿ ಪ್ರತಿನಿಧಿಗಳ ಏಕದ ಮಾಗುವ ಕೇವಲ ಪತ್ತು ದಿನ ಗಳಲ್ಲಿಯೇ ಬಿಜೆಪಿ ಪಕ್ಷದ ಮುಖಂಡರು, ಉಪಾಧ್ಯಕ್ಷರು ಹಾಗೂ ಸದಸ್ಯರಿಗೆ ಭೋಜನ ಕೂಟ ಏರ್ಪಡಿಸಿರುವುದು ಹಲವು ಅನುಮಾನಗಳಿಗೆ ಕಾರಣವಾಗಿದೆ. ಸಮಾರಂಭ ಆಯೋಜನೆ ಹಿಂದೆ ಚುನಾವಣಾ ಲಾಭದ ಉದ್ದೇಶ ಇದೆ ಎಂಬ ಆರೋಪ ಕೇಳಿಬಂದಿದೆ. ಗ್ರಾಮೀಣ ಮಟ್ಟದ ಮುಂಬರುವ ಚುನಾವಣೆಯಲ್ಲಿ ಪ್ರತಿನಿಧಿಗಳ ಬೆಂಬಲ ಪಡೆಯುವ ತಂತ್ರ ಇದಾಗಿದೆ ಎಂದು ಪ್ರತಿಪಕ್ಷ ಮುಖಂಡರು ದೂರಿದ್ದಾರೆ. ಗ್ರಾಮಗಳ ಅಭಿವೃದ್ಧಿ ಬಗ್ಗೆ ಚಿಂತಿಸಬೇಕಾದವರು ಇಂತಹ ಭೋಜನ ಕೂಟಗಳಲ್ಲಿ ಭಾಗಿಯಾಗುತ್ತಿರುವುದು ಸರಿಯಲ್ಲ ಎಂದು ಸ್ಥಳೀಯರು ಆರೋಪಿಸಿದ್ದಾರೆ. ಪಕ್ಷಾತೀತವಾಗಿ ನಡೆಯಬೇಕಿದ್ದ ಪಂಚಾಯಿತಿ ವ್ಯವಸ್ಥೆಯಲ್ಲಿ ರಾಜಕೀಯ ಹಸ್ತಕ್ಷೇಪ ಹೆಚ್ಚುತ್ತಿದೆ. ಈ ಬಗ್ಗೆ ತಾಲೂಕು ಆಡಳಿತ ಗಮನಹರಿಸಬೇಕು ಎಂದು ಒತ್ತಾಯಿಸಿದ್ದಾರೆ.
ಯುನೈಟೆಡ್ ವೈನರಿ ಕಾರ್ಖಾನೆ ವಿರುದ್ಧ ಗ್ರಾಮಸ್ಥರ ಪ್ರತಿಭಟನೆ
ರಾಚೇನಹಳ್ಳಿ ಸೋಮಶೇಖರಗೌಡ ಹಾಸನ
ನಗರದ ಕೈಗಾರಿಕಾ ಪ್ರದೇಶದಲ್ಲಿರುವ ಯುನೈಟೆಡ್ ವೈನರಿ ಕಾರ್ಖಾನೆಯಿಂದ ಹೊರಬರುವ ಕಲುಷಿತ ನೀರು ಸುತ್ತಮುತ್ತಲಿನ ಗ್ರಾಮಗಳ ಜಮೀನು ಹಾಗೂ ಕೆರೆಗಳಿಗೆ ಸೇರುತ್ತಿದ್ದು ಇದರಿಂದ ಜನ ಜಾನುವಾರುಗಳ ಆರೋಗ್ಯದ ಮೇಲೆ ದುಷ್ಪರಿಣಾಮ ಬೀರುತ್ತಿದೆ ಎಂದು ಆರೋಪಿಸಿ ಗ್ರಾಮಸ್ಥರು ಕಾರ್ಖಾನೆ ಎದುರು ಪ್ರತಿಭಟನೆ ನಡೆಸಿದರು. ಕಾರ್ಖಾನೆಯಿಂದ ಹೊರಬರುವ ತ್ಯಾಜ್ಯ ನೀರನ್ನು ಸಂಸ್ಕರಿಸದೆ ಹೊರಬಿಡಲಾಗುತ್ತಿದೆ. ಇದರಿಂದ ಅಂತರ್ಜಲ ಕಲುಷಿತಗೊಂಡಿದ್ದು ಕುಡಿಯುವ ನೀರಿಗೂ ತೊಂದರೆಯಾಗಿದೆ. ಹಲವು ಬಾರಿ ಸಂಬಂಧಪಟ್ಟ ಅಧಿಕಾರಿಗಳಿಗೆ ದೂರು ನೀಡಿದರೂ ಯಾವುದೇ ಕ್ರಮ ಕೈಗೊಂಡಿಲ್ಲ.
ಕೆರೆ ಸಂಪೂರ್ಣ ಹಾಳಾಗಿದ್ದು, ಇದ್ದಿಲಿನ ಮೀನುಗಳು ಸತ್ತಿರುವುದು ಕಂಡುಬಂದಿದೆ. ಜನ ಜಾನುವಾರುಗಳು ನೀರು ಕುಡಿಯಲು ಭಯಪಡುವಂತಾಗಿದೆ. ಕೂಡಲೇ ಕಾರ್ಖಾನೆ ಮಾಲೀಕರು ತ್ಯಾಜ್ಯ ನಿರ್ವಹಣೆ ಸರಿಪಡಿಸಬೇಕು. ಇಲ್ಲದಿದ್ದರೆ ಉಗ್ರ ಹೋರಾಟ ನಡೆಸಲಾಗುವುದು ಎಂದು ಎಚ್ಚರಿಸಿದರು. ಗ್ರಾಮಸ್ಥರಾದ ರೇಣುಕಾ, ಪುಟ್ಟರಾಜು, ಸ್ವಾಮಿ, ರಾಜು, ಸುರೇಶ್, ಯೋಗೇಶ್, ದಿನೇಶ್, ಹೇಮಂತ್, ಬಸವರಾಜು, ಕುಮಾರ್, ಅನಿಲ್, ಸಂತೋಷ್, ಮಂಜುನಾಥ್ ಇತರರು ಹಾಜರಿದ್ದರು.
ಜಂತುಹುಳು ನಿವಾರಣಾ ದಿನ
ಆಲೂರು: ಜಂತುಹುಳುಗಳ ಬಾಧೆಯಿಂದ ಮಕ್ಕಳಲ್ಲಿ ಉಂಟಾಗುವ ರಕ್ತಹೀನತೆ ಅಪೌಷ್ಟಿಕತೆ, ಕಲಿಕೆಯಲ್ಲಿ ಹಿಂದುಳಿಯುವಿಕೆ ಹಾಗೂ ಕುಂಠಿತ ಬೆಳವಣಿಗೆಯನ್ನು ನಿಯಂತ್ರಿಸಲು ಜಂತುಹುಳು ನಿವಾರಣಾ ಮಾತ್ರೆ (ಅಲ್ಬೆಂಡಜೋಲ್) ಯನ್ನು ನೀಡುವ ಮೂಲಕ ಜಂತುಹುಳು ಭಾದೆಯನ್ನು ನಿಯಂತ್ರಿಸುವುದಾಗಿದೆ ಎಂದು ತಾಲೂಕು ವೈದ್ಯಾಧಿಕಾರಿ ಡಾ.ತಿಮ್ಮಯ್ಯ ತಿಳಿಸಿದರು. ಪಟ್ಟಣದ ಸರ್ಕಾರಿ ಪ್ರಾಥಮಿಕ ಶಾಲೆಯಲ್ಲಿ ತಾಲೂಕು ಆರೋಗ್ಯ ಇಲಾಖೆ ವತಿಯಿಂದ ಆಯೋಜಿಸಿದ್ದ ರಾಷ್ಟ್ರೀಯ ಜಂತುಹುಳು ನಿವಾರಣಾ ದಿನ ಕಾರ್ಯಕ್ರಮದಲ್ಲಿ ಮಕ್ಕಳಿಗೆ ಮಾತ್ರೆ ವಿತರಿಸಿ ಮಾತನಾಡಿದರು. 1ರಿಂದ 19 ವರ್ಷದೊಳಗಿನ ಎಲ್ಲ ಮಕ್ಕಳಿಗೆ ಮಾತ್ರೆ ನೀಡಲಾಗುತ್ತಿದೆ. ಪ್ರತಿ ವರ್ಷ ಫೆ.10ರಂದು ಆಚರಿಸಲಾಗುತ್ತದೆ. ಶಿಕ್ಷಣ ಇಲಾಖೆ ಅಧಿಕಾರಿಗಳು, ಆರೋಗ್ಯ ಸಿಬ್ಬಂದಿ, ಶಾಲಾ ಶಿಕ್ಷಕರು ಹಾಜರಿದ್ದರು.
ಎಚ್.ಕೆ.ಮಹೇಶ್ ವಿರುದ್ಧದ ಆರೋಪಗಳು ಆಧಾರರಹಿತ
ಬಿಜೆಪಿ ಮುಖಂಡ ದೇವರಾಜೇಗೌಡ ಹೇಳಿಕೆಗೆ ಎಚ್.ಆರ್.ವಿನೋದ್ ಕುಮಾರ್ ತಿರುಗೇಟು
ಪ್ರತಿನಿಧಿ ವರದಿ ಹಾಸನ
ಬಿಜೆಪಿ ಮುಖಂಡ ದೇವರಾಜೇಗೌಡ ಅವರು ಕಾಂಗ್ರೆಸ್ ಮುಖಂಡ ಹಾಗೂ ಮಾಜಿ ಜಿಲ್ಲಾ ಪಂಚಾಯಿತಿ ಸದಸ್ಯ ಎಚ್.ಕೆ.ಮಹೇಶ್ ಅವರ ವಿರುದ್ಧ ಮಾಡಿರುವ ಆರೋಪಗಳು ಸಂಪೂರ್ಣ ಸುಳ್ಳು ಹಾಗೂ ಆಧಾರ ರಹಿತವಾಗಿದೆ ಎಂದು ಜಿಲ್ಲಾ ಕಾಂಗ್ರೆಸ್ ಸಾಮಾಜಿಕ ಜಾಲತಾಣ ವಿಭಾಗದ ಜಿಲ್ಲಾಧ್ಯಕ್ಷ ಎಚ್.ಆರ್.ವಿನೋದ್ ಕುಮಾರ್ ತಿರುಗೇಟು ನೀಡಿದರು. ನಗರದ ಪತ್ರಿಕಾಭವನದಲ್ಲಿ ಸುದ್ದಿಗೋಷ್ಠಿ ನಡೆಸಿ ಮಾತನಾಡಿದ ಅವರು, ಎಚ್.ಕೆ.ಮಹೇಶ್ ಅವರು ಸಾರ್ವಜನಿಕ ಜೀವನದಲ್ಲಿ ಪ್ರಾಮಾಣಿಕವಾಗಿ ಕೆಲಸ ಮಾಡುತ್ತಿದ್ದಾರೆ. 2004ರಿಂದ ಇದುವರೆಗೆ ಅವರು ಯಾವುದೇ ಭ್ರಷ್ಟಾಚಾರದಲ್ಲಿ ಭಾಗಿಯಾಗಿಲ್ಲ. ರಾಜಕೀಯ ದುರುದ್ದೇಶದಿಂದ ಆರೋಪ ಮಾಡಲಾಗುತ್ತಿದೆ.
DIST. WORKING JOURNALIST ASSOCIATION (R)
ದಾಖಲೆಗಳಿದ್ದರೆ ಬಿಡುಗಡೆ ಮಾಡಲಿ. ಸುಖಾಸುಮ್ಮನೆ ಆರೋಪ ಮಾಡುವುದು ಸರಿಯಲ್ಲ. ಕಾನೂನು ಹೋರಾಟ ನಡೆಸಲಾಗುವುದು ಎಂದು ಎಚ್ಚರಿಸಿದರು. ದೇವರಾಜೇಗೌಡ ಅವರು ರಾಜಕೀಯ ಲಾಭಕ್ಕಾಗಿ ಇಂತಹ ಹೇಳಿಕೆ ನೀಡುತ್ತಿದ್ದಾರೆ ಎಂದರು.
ಪ್ರಶ್ನಿಸಿದರು. 2023-24ರ ವಿಧಾನಸಭಾ ಚುನಾವಣಾ ನಾಮಪತ್ರ ಸಲ್ಲಿಕೆ ವೇಳೆ ದೇವರಾಜೇಗೌಡರು ತಮ್ಮ ಹೆಸರಿನಲ್ಲಿ 80 ಕೋಟಿ ರೂ.ಗಳ ಆಸ್ತಿ ಘೋಷಿಸಿದ್ದರು. ಅದರ ಮೂಲ ಯಾವುದು ಎಂಬುದನ್ನು ಮೊದಲು ಬಹಿರಂಗಪಡಿಸಲಿ. ಕಾಂಗ್ರೆಸ್ ಪಕ್ಷದ ಮುಖಂಡರ ವಿರುದ್ಧ ಸುಳ್ಳು ಆರೋಪ ಮಾಡಿ ಜನರ ದಿಕ್ಕು ತಪ್ಪಿಸುವ ಕೆಲಸ ಮಾಡುತ್ತಿದ್ದಾರೆ. ಸುದ್ದಿಗೋಷ್ಠಿಯಲ್ಲಿ ಕಾಂಗ್ರೆಸ್ ಮುಖಂಡರಾದ ಪ್ರವೀಣ್ ಗೌಡ, ಗುರು, ಚಂದ್ರು ಮುಂತಾದವರು ಹಾಜರಿದ್ದರು.
❝ ಮಹೇಶ್ ಅವರ ವಿರುದ್ಧ ಮಾಡಿರುವ ಆರೋಪಗಳನ್ನು ದೇವರಾಜೇಗೌಡರು ಸಾಬೀತುಪಡಿಸಬೇಕು. ಇಲ್ಲವಾದಲ್ಲಿ ಬಹಿರಂಗ ಕ್ಷಮೆ ಕೇಳಬೇಕು. ಸುಳ್ಳು ಆರೋಪ ಮಾಡಿ ರಾಜಕೀಯ ಮಾಡುವುದನ್ನು ಬಿಡಬೇಕು, ಕಾಂಗ್ರೆಸ್ ಕಾರ್ಯಕರ್ತರು ಸುಮ್ಮನಿರುವುದಿಲ್ಲ.
◂ ಎಚ್.ಆರ್.ವಿನೋದ್ ಕುಮಾರ್
ಜಿಲ್ಲಾ ಕಾಂಗ್ರೆಸ್ ಮುಖಂಡ
